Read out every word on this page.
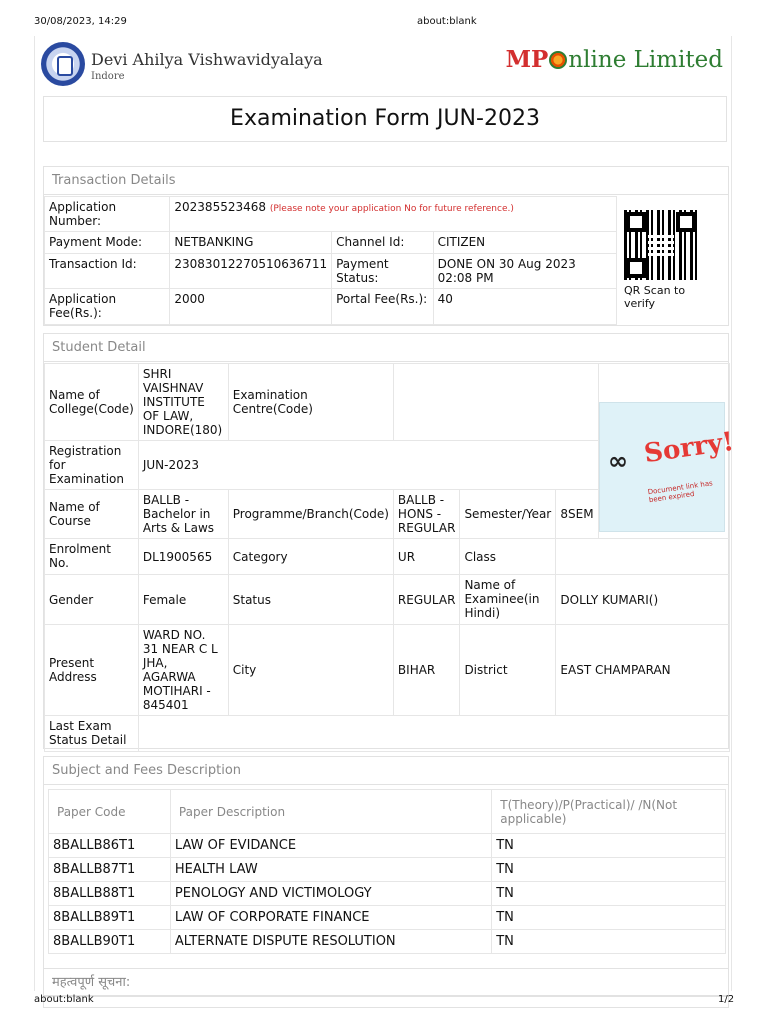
30/08/2023, 14:29	about:blank
Devi Ahilya Vishwavidyalaya
Indore
MP nline Limited
Examination Form JUN-2023
Transaction Details
Application Number:	202385523468 (Please note your application No for future reference.)		
Payment Mode:	NETBANKING	Channel Id:	CITIZEN
Transaction Id:	23083012270510636711	Payment Status:	DONE ON 30 Aug 2023 02:08 PM
Application Fee(Rs.):	2000	Portal Fee(Rs.):	40
QR Scan to verify
Student Detail
Name of College(Code)	SHRI VAISHNAV INSTITUTE OF LAW, INDORE(180)	Examination Centre(Code)				
Registration for Examination	JUN-2023					
Name of Course	BALLB - Bachelor in Arts & Laws	Programme/Branch(Code)	BALLB - HONS - REGULAR	Semester/Year	8SEM	
Enrolment No.	DL1900565	Category	UR	Class		
Gender	Female	Status	REGULAR	Name of Examinee(in Hindi)	DOLLY KUMARI()	
Present Address	WARD NO. 31 NEAR C L JHA, AGARWA MOTIHARI - 845401	City	BIHAR	District	EAST CHAMPARAN	
Last Exam Status Detail						
∞ Sorry!
Document link has been expired
Subject and Fees Description
Paper Code	Paper Description	T(Theory)/P(Practical)/ /N(Not applicable)
8BALLB86T1	LAW OF EVIDANCE	TN
8BALLB87T1	HEALTH LAW	TN
8BALLB88T1	PENOLOGY AND VICTIMOLOGY	TN
8BALLB89T1	LAW OF CORPORATE FINANCE	TN
8BALLB90T1	ALTERNATE DISPUTE RESOLUTION	TN
महत्वपूर्ण सूचना:
about:blank	1/2
